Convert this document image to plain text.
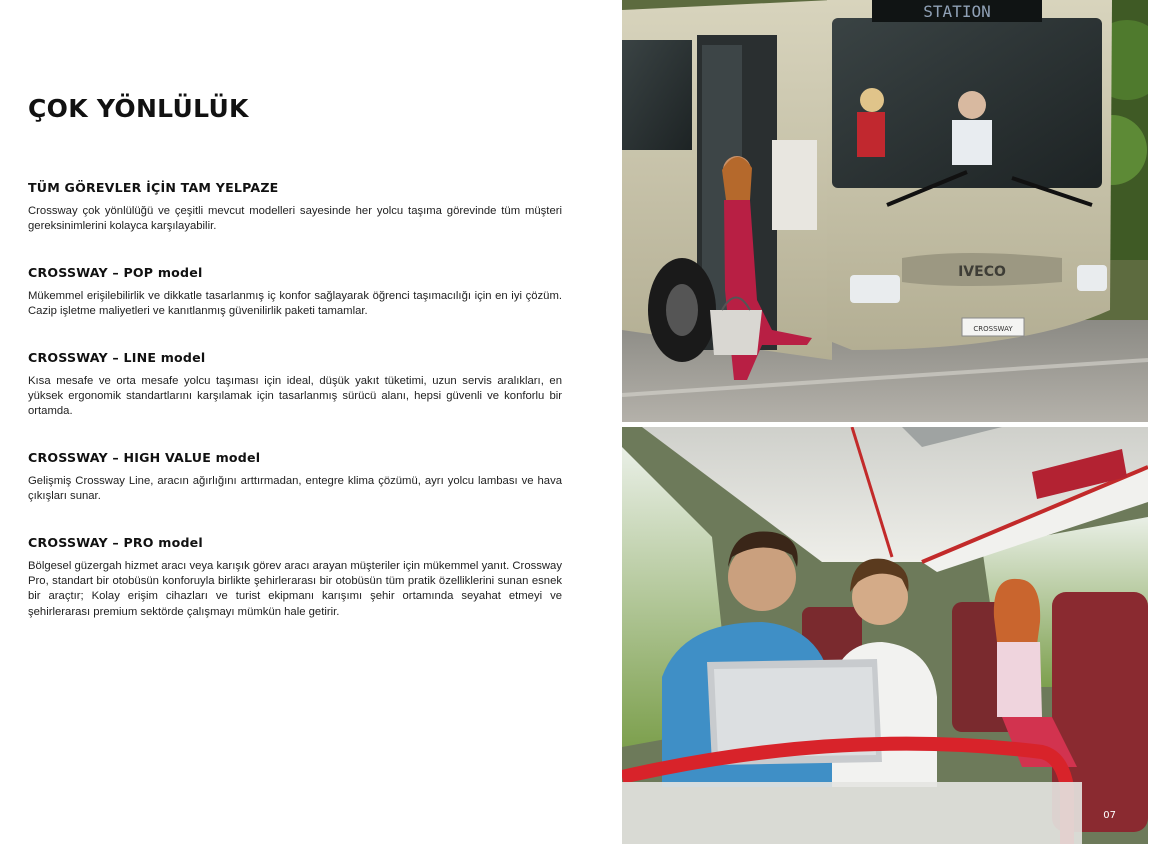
ÇOK YÖNLÜLÜK
TÜM GÖREVLER İÇİN TAM YELPAZE

Crossway çok yönlülüğü ve çeşitli mevcut modelleri sayesinde her yolcu taşıma görevinde tüm müşteri gereksinimlerini kolayca karşılayabilir.

CROSSWAY – POP model

Mükemmel erişilebilirlik ve dikkatle tasarlanmış iç konfor sağlayarak öğrenci taşımacılığı için en iyi çözüm. Cazip işletme maliyetleri ve kanıtlanmış güvenilirlik paketi tamamlar.

CROSSWAY – LINE model

Kısa mesafe ve orta mesafe yolcu taşıması için ideal, düşük yakıt tüketimi, uzun servis aralıkları, en yüksek ergonomik standartlarını karşılamak için tasarlanmış sürücü alanı, hepsi güvenli ve konforlu bir ortamda.

CROSSWAY – HIGH VALUE model

Gelişmiş Crossway Line, aracın ağırlığını arttırmadan, entegre klima çözümü, ayrı yolcu lambası ve hava çıkışları sunar.

CROSSWAY – PRO model

Bölgesel güzergah hizmet aracı veya karışık görev aracı arayan müşteriler için mükemmel yanıt. Crossway Pro, standart bir otobüsün konforuyla birlikte şehirlerarası bir otobüsün tüm pratik özelliklerini sunan esnek bir araçtır; Kolay erişim cihazları ve turist ekipmanı karışımı şehir ortamında seyahat etmeyi ve şehirlerarası premium sektörde çalışmayı mümkün hale getirir.

STATION
IVECO
CROSSWAY
07
